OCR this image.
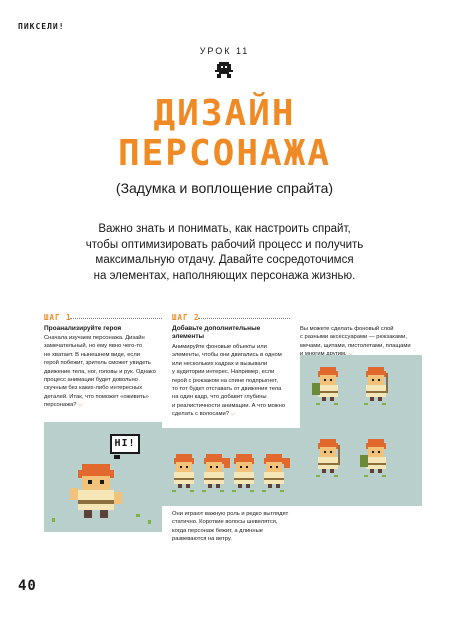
ПИКСЕЛИ!
УРОК 11
ДИЗАЙН
ПЕРСОНАЖА
(Задумка и воплощение спрайта)
Важно знать и понимать, как настроить спрайт,
чтобы оптимизировать рабочий процесс и получить
максимальную отдачу. Давайте сосредоточимся
на элементах, наполняющих персонажа жизнью.
ШАГ 1
Проанализируйте героя
Сначала изучаем персонажа. Дизайн
замечательный, но ему явно чего-то
не хватает. В нынешнем виде, если
герой побежит, зритель сможет увидеть
движение тела, ног, головы и рук. Однако
процесс анимации будет довольно
скучным без каких-либо интересных
деталей. Итак, что поможет «оживить»
персонажа? ⌵
HI!
ШАГ 2
Добавьте дополнительные
элементы
Анимируйте фоновые объекты или
элементы, чтобы они двигались в одном
или нескольких кадрах и вызывали
у аудитории интерес. Например, если
герой с рюкзаком на спине подпрыгнет,
то тот будет отставать от движения тела
на один кадр, что добавит глубины
и реалистичности анимации. А что можно
сделать с волосами? ⌵
Они играют важную роль и редко выглядят
статично. Короткие волосы шевелятся,
когда персонаж бежит, а длинные
развеваются на ветру.
Вы можете сделать фоновый слой
с разными аксессуарами — рюкзаками,
мечами, щитами, пистолетами, плащами
40
